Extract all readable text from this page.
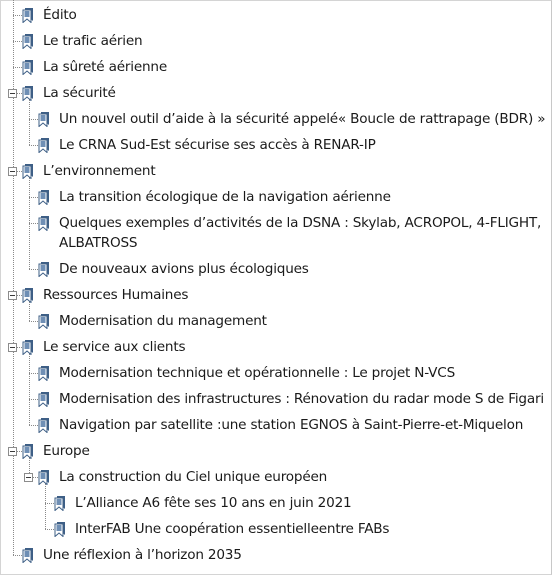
Édito
Le trafic aérien
La sûreté aérienne
La sécurité
Un nouvel outil d’aide à la sécurité appelé« Boucle de rattrapage (BDR) »
Le CRNA Sud-Est sécurise ses accès à RENAR-IP
L’environnement
La transition écologique de la navigation aérienne
Quelques exemples d’activités de la DSNA : Skylab, ACROPOL, 4-FLIGHT,
ALBATROSS
De nouveaux avions plus écologiques
Ressources Humaines
Modernisation du management
Le service aux clients
Modernisation technique et opérationnelle : Le projet N-VCS
Modernisation des infrastructures : Rénovation du radar mode S de Figari
Navigation par satellite :une station EGNOS à Saint-Pierre-et-Miquelon
Europe
La construction du Ciel unique européen
L’Alliance A6 fête ses 10 ans en juin 2021
InterFAB Une coopération essentielleentre FABs
Une réflexion à l’horizon 2035
